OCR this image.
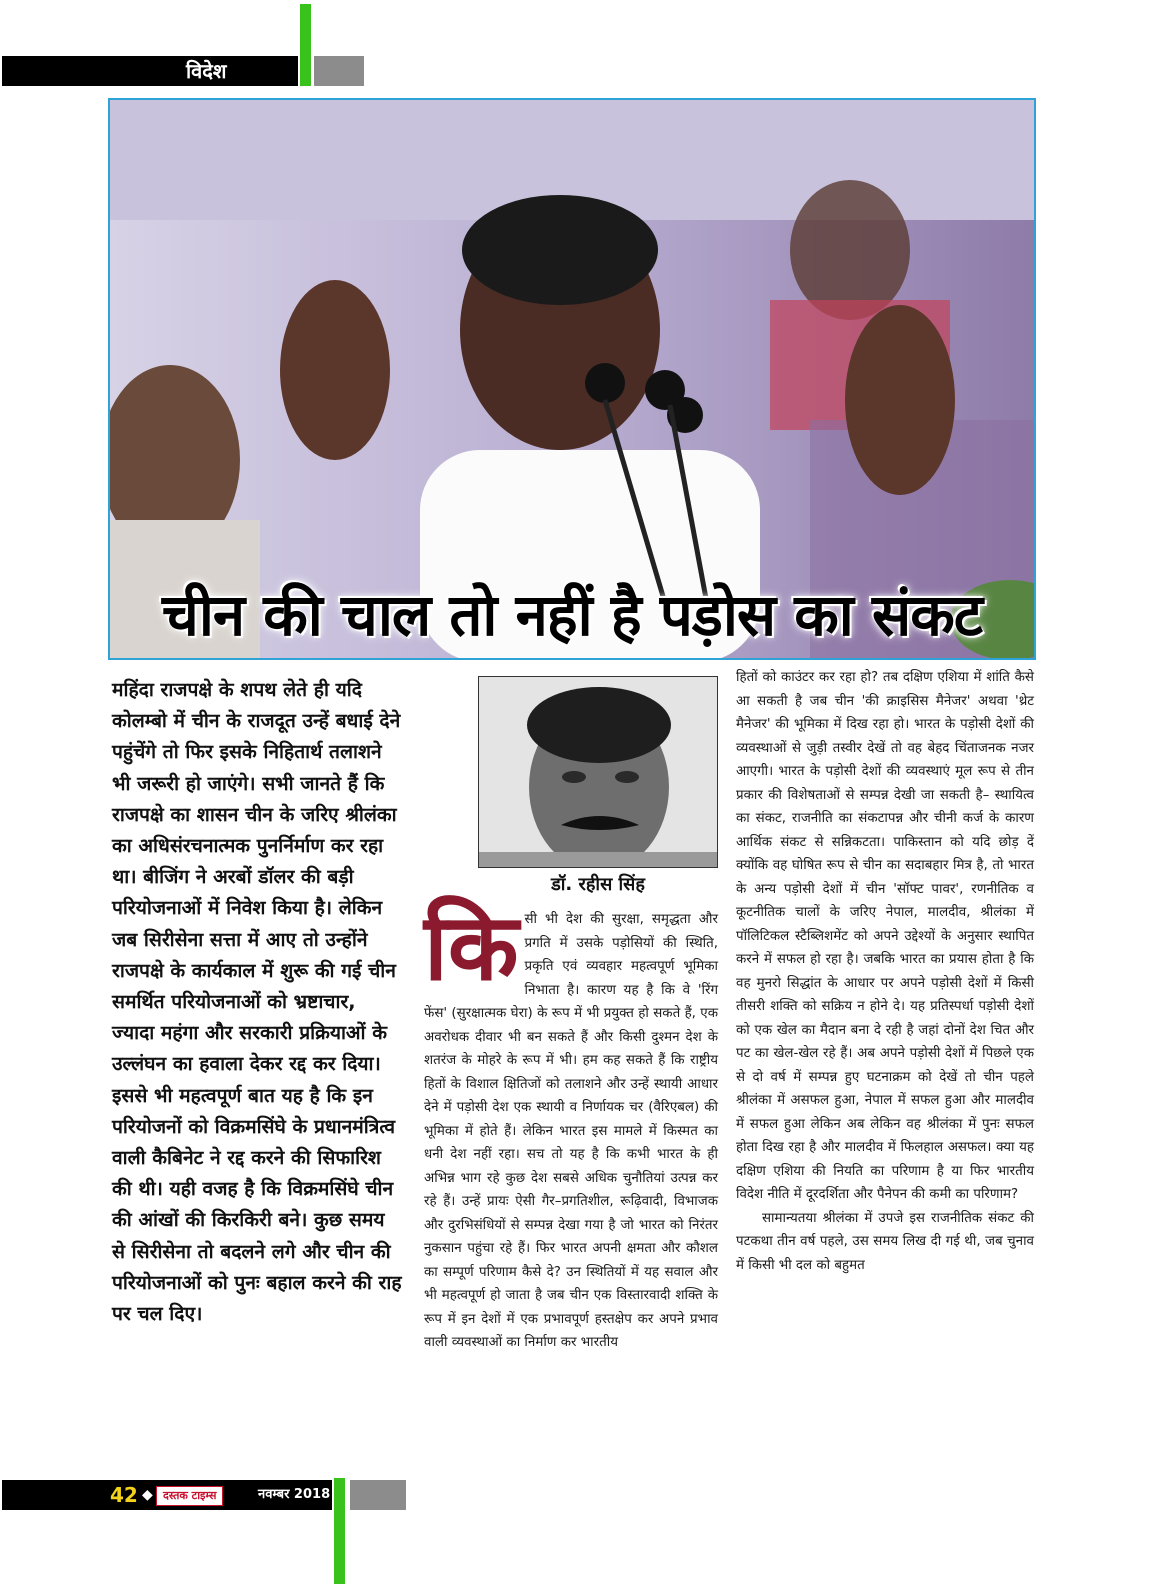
विदेश
चीन की चाल तो नहीं है पड़ोस का संकट
महिंदा राजपक्षे के शपथ लेते ही यदि कोलम्बो में चीन के राजदूत उन्हें बधाई देने पहुंचेंगे तो फिर इसके निहितार्थ तलाशने भी जरूरी हो जाएंगे। सभी जानते हैं कि राजपक्षे का शासन चीन के जरिए श्रीलंका का अधिसंरचनात्मक पुनर्निर्माण कर रहा था। बीजिंग ने अरबों डॉलर की बड़ी परियोजनाओं में निवेश किया है। लेकिन जब सिरीसेना सत्ता में आए तो उन्होंने राजपक्षे के कार्यकाल में शुरू की गई चीन समर्थित परियोजनाओं को भ्रष्टाचार, ज्यादा महंगा और सरकारी प्रक्रियाओं के उल्लंघन का हवाला देकर रद्द कर दिया। इससे भी महत्वपूर्ण बात यह है कि इन परियोजनों को विक्रमसिंघे के प्रधानमंत्रित्व वाली कैबिनेट ने रद्द करने की सिफारिश की थी। यही वजह है कि विक्रमसिंघे चीन की आंखों की किरकिरी बने। कुछ समय से सिरीसेना तो बदलने लगे और चीन की परियोजनाओं को पुनः बहाल करने की राह पर चल दिए।
डॉ. रहीस सिंह
किसी भी देश की सुरक्षा, समृद्धता और प्रगति में उसके पड़ोसियों की स्थिति, प्रकृति एवं व्यवहार महत्वपूर्ण भूमिका निभाता है। कारण यह है कि वे 'रिंग फेंस' (सुरक्षात्मक घेरा) के रूप में भी प्रयुक्त हो सकते हैं, एक अवरोधक दीवार भी बन सकते हैं और किसी दुश्मन देश के शतरंज के मोहरे के रूप में भी। हम कह सकते हैं कि राष्ट्रीय हितों के विशाल क्षितिजों को तलाशने और उन्हें स्थायी आधार देने में पड़ोसी देश एक स्थायी व निर्णायक चर (वैरिएबल) की भूमिका में होते हैं। लेकिन भारत इस मामले में किस्मत का धनी देश नहीं रहा। सच तो यह है कि कभी भारत के ही अभिन्न भाग रहे कुछ देश सबसे अधिक चुनौतियां उत्पन्न कर रहे हैं। उन्हें प्रायः ऐसी गैर–प्रगतिशील, रूढ़िवादी, विभाजक और दुरभिसंधियों से सम्पन्न देखा गया है जो भारत को निरंतर नुकसान पहुंचा रहे हैं। फिर भारत अपनी क्षमता और कौशल का सम्पूर्ण परिणाम कैसे दे? उन स्थितियों में यह सवाल और भी महत्वपूर्ण हो जाता है जब चीन एक विस्तारवादी शक्ति के रूप में इन देशों में एक प्रभावपूर्ण हस्तक्षेप कर अपने प्रभाव वाली व्यवस्थाओं का निर्माण कर भारतीय
हितों को काउंटर कर रहा हो? तब दक्षिण एशिया में शांति कैसे आ सकती है जब चीन 'की क्राइसिस मैनेजर' अथवा 'थ्रेट मैनेजर' की भूमिका में दिख रहा हो। भारत के पड़ोसी देशों की व्यवस्थाओं से जुड़ी तस्वीर देखें तो वह बेहद चिंताजनक नजर आएगी। भारत के पड़ोसी देशों की व्यवस्थाएं मूल रूप से तीन प्रकार की विशेषताओं से सम्पन्न देखी जा सकती है– स्थायित्व का संकट, राजनीति का संकटापन्न और चीनी कर्ज के कारण आर्थिक संकट से सन्निकटता। पाकिस्तान को यदि छोड़ दें क्योंकि वह घोषित रूप से चीन का सदाबहार मित्र है, तो भारत के अन्य पड़ोसी देशों में चीन 'सॉफ्ट पावर', रणनीतिक व कूटनीतिक चालों के जरिए नेपाल, मालदीव, श्रीलंका में पॉलिटिकल स्टैब्लिशमेंट को अपने उद्देश्यों के अनुसार स्थापित करने में सफल हो रहा है। जबकि भारत का प्रयास होता है कि वह मुनरो सिद्धांत के आधार पर अपने पड़ोसी देशों में किसी तीसरी शक्ति को सक्रिय न होने दे। यह प्रतिस्पर्धा पड़ोसी देशों को एक खेल का मैदान बना दे रही है जहां दोनों देश चित और पट का खेल-खेल रहे हैं। अब अपने पड़ोसी देशों में पिछले एक से दो वर्ष में सम्पन्न हुए घटनाक्रम को देखें तो चीन पहले श्रीलंका में असफल हुआ, नेपाल में सफल हुआ और मालदीव में सफल हुआ लेकिन अब लेकिन वह श्रीलंका में पुनः सफल होता दिख रहा है और मालदीव में फिलहाल असफल। क्या यह दक्षिण एशिया की नियति का परिणाम है या फिर भारतीय विदेश नीति में दूरदर्शिता और पैनेपन की कमी का परिणाम?
सामान्यतया श्रीलंका में उपजे इस राजनीतिक संकट की पटकथा तीन वर्ष पहले, उस समय लिख दी गई थी, जब चुनाव में किसी भी दल को बहुमत
42 ◆ दस्तक टाइम्स	नवम्बर 2018
